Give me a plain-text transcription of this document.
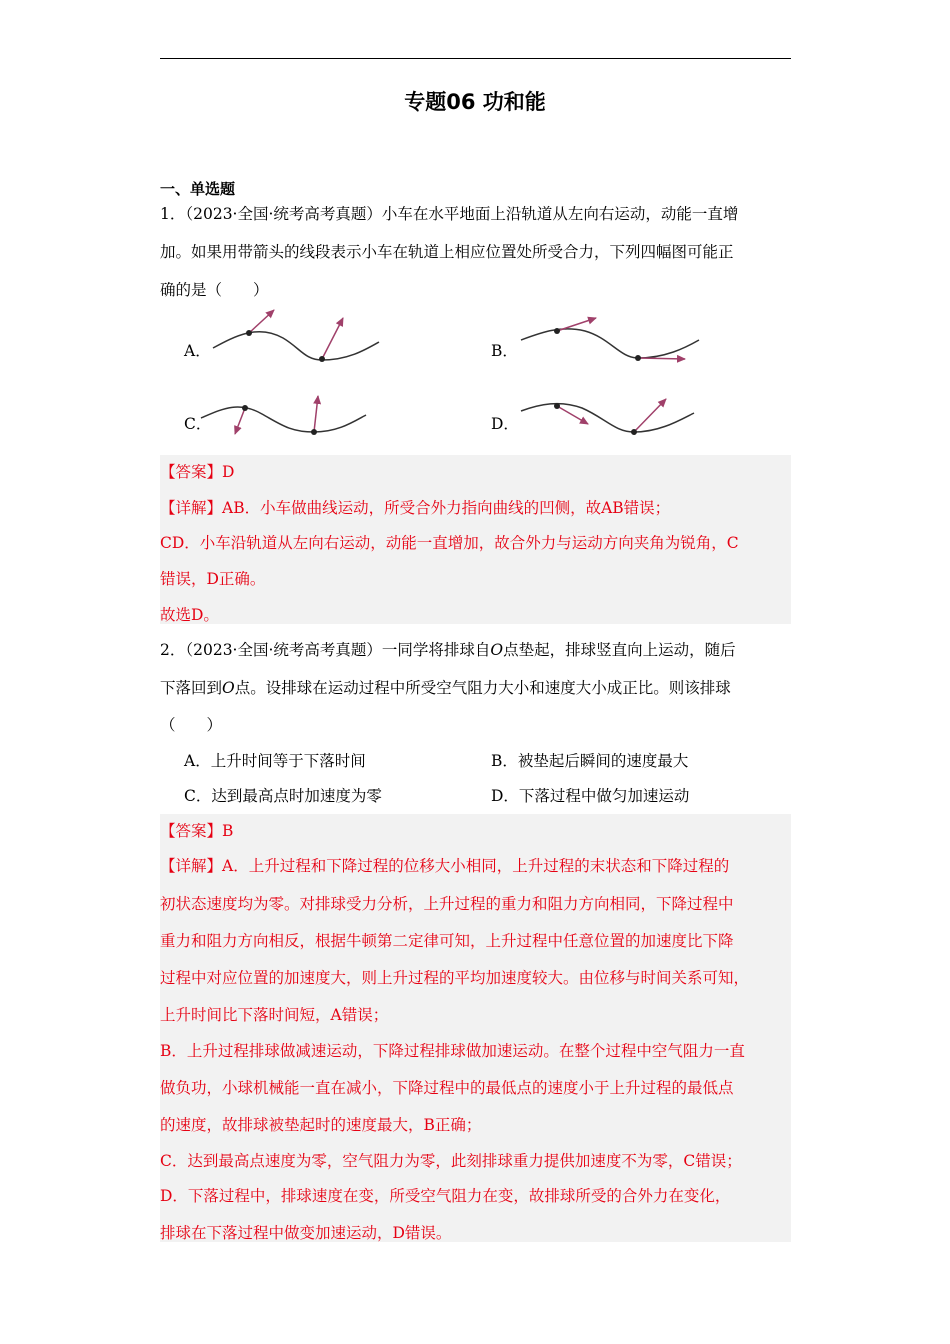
专题06 功和能
一、单选题
1．（2023·全国·统考高考真题）小车在水平地面上沿轨道从左向右运动，动能一直增
加。如果用带箭头的线段表示小车在轨道上相应位置处所受合力，下列四幅图可能正
确的是（　　）
A．	B．
C．	D．
【答案】D
【详解】AB．小车做曲线运动，所受合外力指向曲线的凹侧，故AB错误；
CD．小车沿轨道从左向右运动，动能一直增加，故合外力与运动方向夹角为锐角，C
错误，D正确。
故选D。
2．（2023·全国·统考高考真题）一同学将排球自O点垫起，排球竖直向上运动，随后
下落回到O点。设排球在运动过程中所受空气阻力大小和速度大小成正比。则该排球
（　　）
A．上升时间等于下落时间	B．被垫起后瞬间的速度最大
C．达到最高点时加速度为零	D．下落过程中做匀加速运动
【答案】B
【详解】A．上升过程和下降过程的位移大小相同，上升过程的末状态和下降过程的
初状态速度均为零。对排球受力分析，上升过程的重力和阻力方向相同，下降过程中
重力和阻力方向相反，根据牛顿第二定律可知，上升过程中任意位置的加速度比下降
过程中对应位置的加速度大，则上升过程的平均加速度较大。由位移与时间关系可知，
上升时间比下落时间短，A错误；
B．上升过程排球做减速运动，下降过程排球做加速运动。在整个过程中空气阻力一直
做负功，小球机械能一直在减小，下降过程中的最低点的速度小于上升过程的最低点
的速度，故排球被垫起时的速度最大，B正确；
C．达到最高点速度为零，空气阻力为零，此刻排球重力提供加速度不为零，C错误；
D．下落过程中，排球速度在变，所受空气阻力在变，故排球所受的合外力在变化，
排球在下落过程中做变加速运动，D错误。
